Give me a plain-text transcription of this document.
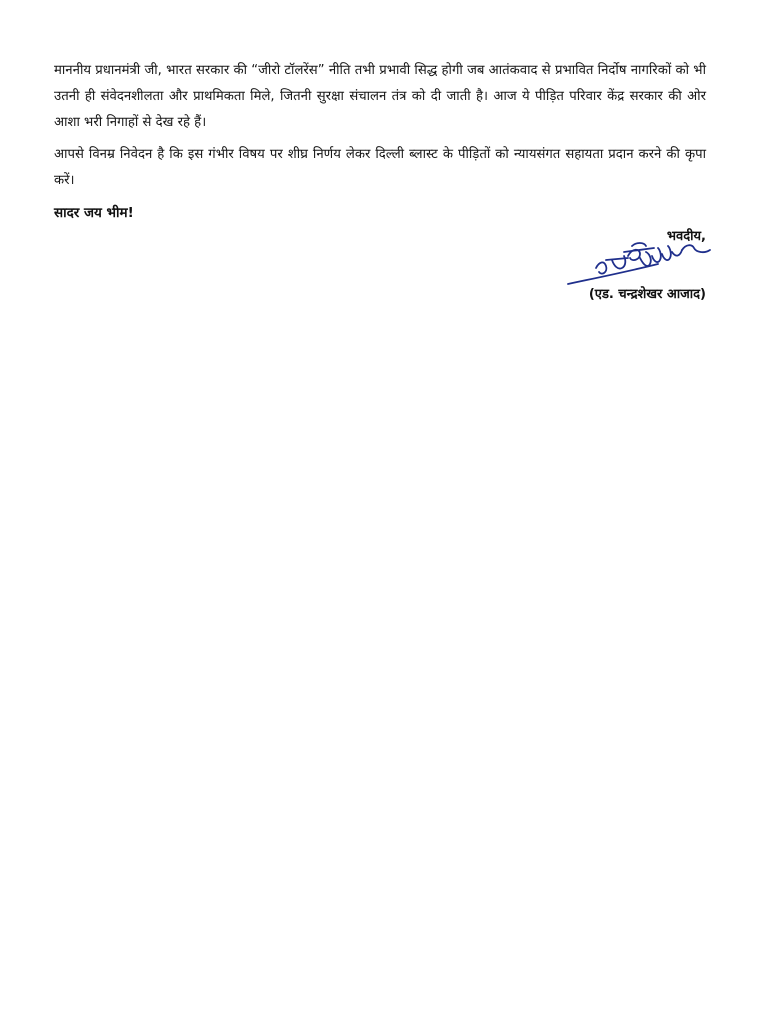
माननीय प्रधानमंत्री जी, भारत सरकार की “जीरो टॉलरेंस” नीति तभी प्रभावी सिद्ध होगी जब आतंकवाद से प्रभावित निर्दोष नागरिकों को भी उतनी ही संवेदनशीलता और प्राथमिकता मिले, जितनी सुरक्षा संचालन तंत्र को दी जाती है। आज ये पीड़ित परिवार केंद्र सरकार की ओर आशा भरी निगाहों से देख रहे हैं।

आपसे विनम्र निवेदन है कि इस गंभीर विषय पर शीघ्र निर्णय लेकर दिल्ली ब्लास्ट के पीड़ितों को न्यायसंगत सहायता प्रदान करने की कृपा करें।

सादर जय भीम!

भवदीय,
(एड. चन्द्रशेखर आजाद)
